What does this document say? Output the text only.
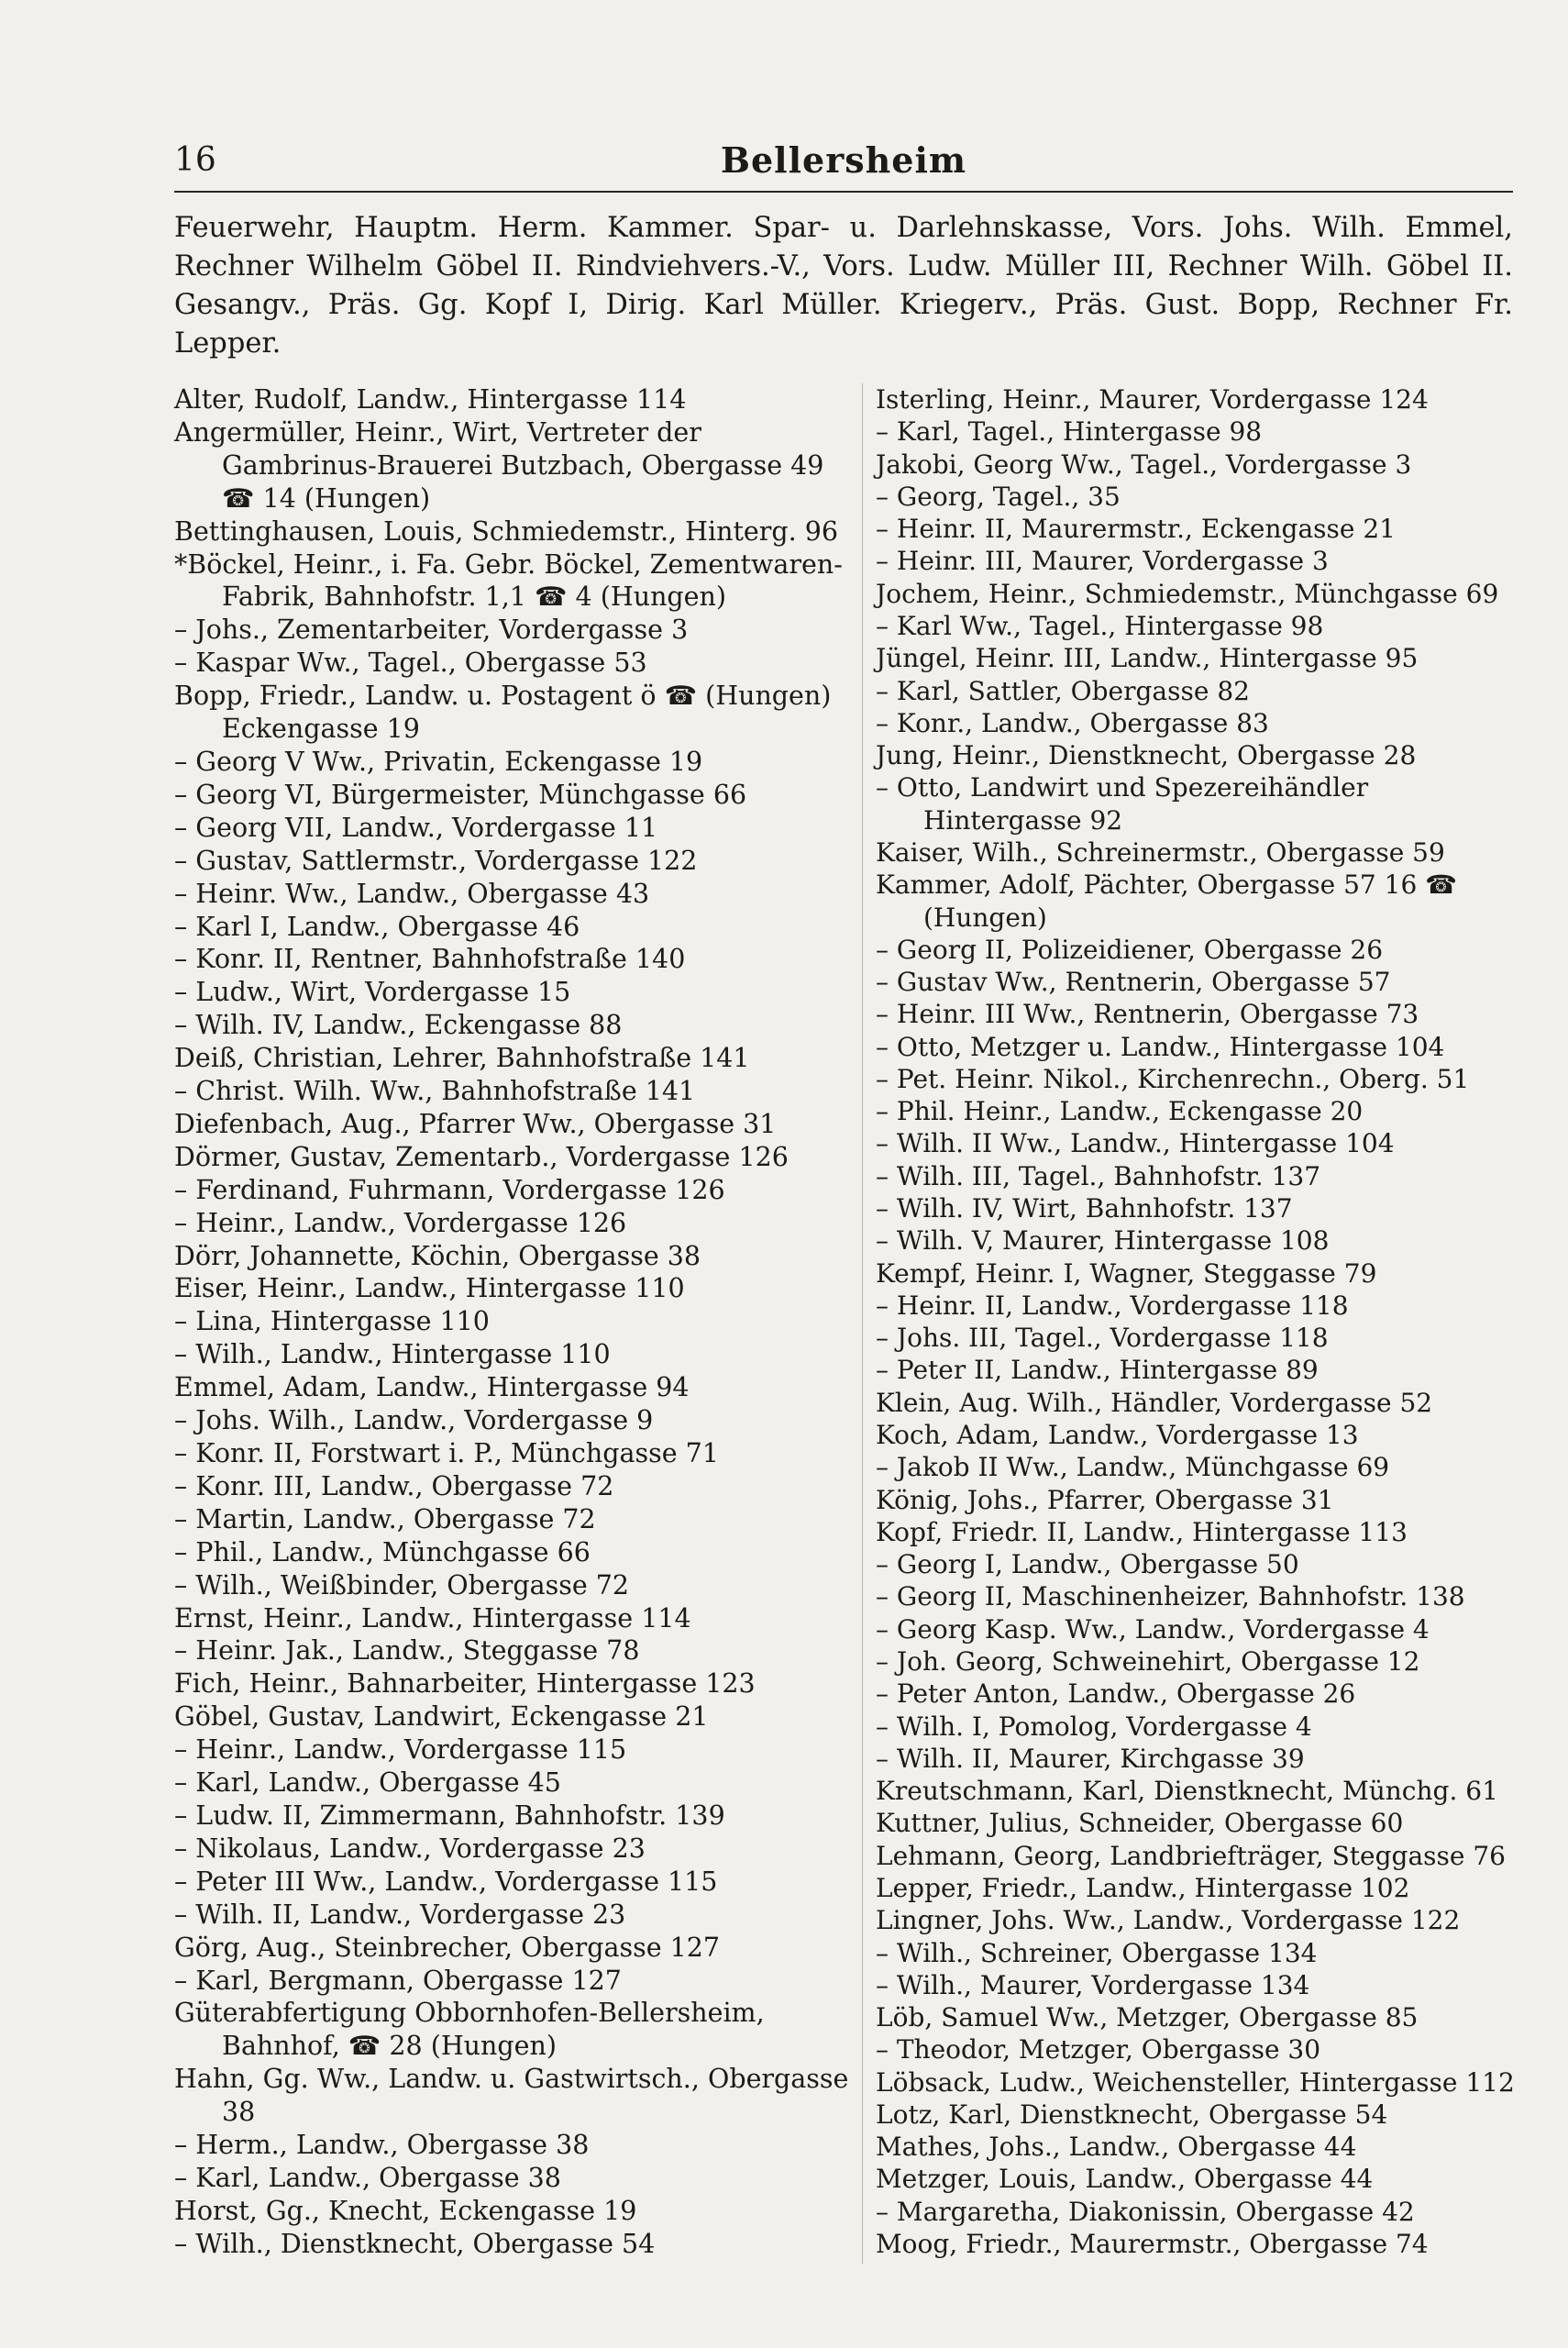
16	Bellersheim

Feuerwehr, Hauptm. Herm. Kammer. Spar- u. Darlehnskasse, Vors. Johs. Wilh. Emmel, Rechner Wilhelm Göbel II. Rindviehvers.-V., Vors. Ludw. Müller III, Rechner Wilh. Göbel II. Gesangv., Präs. Gg. Kopf I, Dirig. Karl Müller. Kriegerv., Präs. Gust. Bopp, Rechner Fr. Lepper.

Alter, Rudolf, Landw., Hintergasse 114
Angermüller, Heinr., Wirt, Vertreter der Gambrinus-Brauerei Butzbach, Obergasse 49 ☎ 14 (Hungen)
Bettinghausen, Louis, Schmiedemstr., Hinterg. 96
*Böckel, Heinr., i. Fa. Gebr. Böckel, Zementwaren-Fabrik, Bahnhofstr. 1,1 ☎ 4 (Hungen)
– Johs., Zementarbeiter, Vordergasse 3
– Kaspar Ww., Tagel., Obergasse 53
Bopp, Friedr., Landw. u. Postagent ö ☎ (Hungen) Eckengasse 19
– Georg V Ww., Privatin, Eckengasse 19
– Georg VI, Bürgermeister, Münchgasse 66
– Georg VII, Landw., Vordergasse 11
– Gustav, Sattlermstr., Vordergasse 122
– Heinr. Ww., Landw., Obergasse 43
– Karl I, Landw., Obergasse 46
– Konr. II, Rentner, Bahnhofstraße 140
– Ludw., Wirt, Vordergasse 15
– Wilh. IV, Landw., Eckengasse 88
Deiß, Christian, Lehrer, Bahnhofstraße 141
– Christ. Wilh. Ww., Bahnhofstraße 141
Diefenbach, Aug., Pfarrer Ww., Obergasse 31
Dörmer, Gustav, Zementarb., Vordergasse 126
– Ferdinand, Fuhrmann, Vordergasse 126
– Heinr., Landw., Vordergasse 126
Dörr, Johannette, Köchin, Obergasse 38
Eiser, Heinr., Landw., Hintergasse 110
– Lina, Hintergasse 110
– Wilh., Landw., Hintergasse 110
Emmel, Adam, Landw., Hintergasse 94
– Johs. Wilh., Landw., Vordergasse 9
– Konr. II, Forstwart i. P., Münchgasse 71
– Konr. III, Landw., Obergasse 72
– Martin, Landw., Obergasse 72
– Phil., Landw., Münchgasse 66
– Wilh., Weißbinder, Obergasse 72
Ernst, Heinr., Landw., Hintergasse 114
– Heinr. Jak., Landw., Steggasse 78
Fich, Heinr., Bahnarbeiter, Hintergasse 123
Göbel, Gustav, Landwirt, Eckengasse 21
– Heinr., Landw., Vordergasse 115
– Karl, Landw., Obergasse 45
– Ludw. II, Zimmermann, Bahnhofstr. 139
– Nikolaus, Landw., Vordergasse 23
– Peter III Ww., Landw., Vordergasse 115
– Wilh. II, Landw., Vordergasse 23
Görg, Aug., Steinbrecher, Obergasse 127
– Karl, Bergmann, Obergasse 127
Güterabfertigung Obbornhofen-Bellersheim, Bahnhof, ☎ 28 (Hungen)
Hahn, Gg. Ww., Landw. u. Gastwirtsch., Obergasse 38
– Herm., Landw., Obergasse 38
– Karl, Landw., Obergasse 38
Horst, Gg., Knecht, Eckengasse 19
– Wilh., Dienstknecht, Obergasse 54
Isterling, Heinr., Maurer, Vordergasse 124
– Karl, Tagel., Hintergasse 98
Jakobi, Georg Ww., Tagel., Vordergasse 3
– Georg, Tagel., 35
– Heinr. II, Maurermstr., Eckengasse 21
– Heinr. III, Maurer, Vordergasse 3
Jochem, Heinr., Schmiedemstr., Münchgasse 69
– Karl Ww., Tagel., Hintergasse 98
Jüngel, Heinr. III, Landw., Hintergasse 95
– Karl, Sattler, Obergasse 82
– Konr., Landw., Obergasse 83
Jung, Heinr., Dienstknecht, Obergasse 28
– Otto, Landwirt und Spezereihändler Hintergasse 92
Kaiser, Wilh., Schreinermstr., Obergasse 59
Kammer, Adolf, Pächter, Obergasse 57 16 ☎ (Hungen)
– Georg II, Polizeidiener, Obergasse 26
– Gustav Ww., Rentnerin, Obergasse 57
– Heinr. III Ww., Rentnerin, Obergasse 73
– Otto, Metzger u. Landw., Hintergasse 104
– Pet. Heinr. Nikol., Kirchenrechn., Oberg. 51
– Phil. Heinr., Landw., Eckengasse 20
– Wilh. II Ww., Landw., Hintergasse 104
– Wilh. III, Tagel., Bahnhofstr. 137
– Wilh. IV, Wirt, Bahnhofstr. 137
– Wilh. V, Maurer, Hintergasse 108
Kempf, Heinr. I, Wagner, Steggasse 79
– Heinr. II, Landw., Vordergasse 118
– Johs. III, Tagel., Vordergasse 118
– Peter II, Landw., Hintergasse 89
Klein, Aug. Wilh., Händler, Vordergasse 52
Koch, Adam, Landw., Vordergasse 13
– Jakob II Ww., Landw., Münchgasse 69
König, Johs., Pfarrer, Obergasse 31
Kopf, Friedr. II, Landw., Hintergasse 113
– Georg I, Landw., Obergasse 50
– Georg II, Maschinenheizer, Bahnhofstr. 138
– Georg Kasp. Ww., Landw., Vordergasse 4
– Joh. Georg, Schweinehirt, Obergasse 12
– Peter Anton, Landw., Obergasse 26
– Wilh. I, Pomolog, Vordergasse 4
– Wilh. II, Maurer, Kirchgasse 39
Kreutschmann, Karl, Dienstknecht, Münchg. 61
Kuttner, Julius, Schneider, Obergasse 60
Lehmann, Georg, Landbriefträger, Steggasse 76
Lepper, Friedr., Landw., Hintergasse 102
Lingner, Johs. Ww., Landw., Vordergasse 122
– Wilh., Schreiner, Obergasse 134
– Wilh., Maurer, Vordergasse 134
Löb, Samuel Ww., Metzger, Obergasse 85
– Theodor, Metzger, Obergasse 30
Löbsack, Ludw., Weichensteller, Hintergasse 112
Lotz, Karl, Dienstknecht, Obergasse 54
Mathes, Johs., Landw., Obergasse 44
Metzger, Louis, Landw., Obergasse 44
– Margaretha, Diakonissin, Obergasse 42
Moog, Friedr., Maurermstr., Obergasse 74
